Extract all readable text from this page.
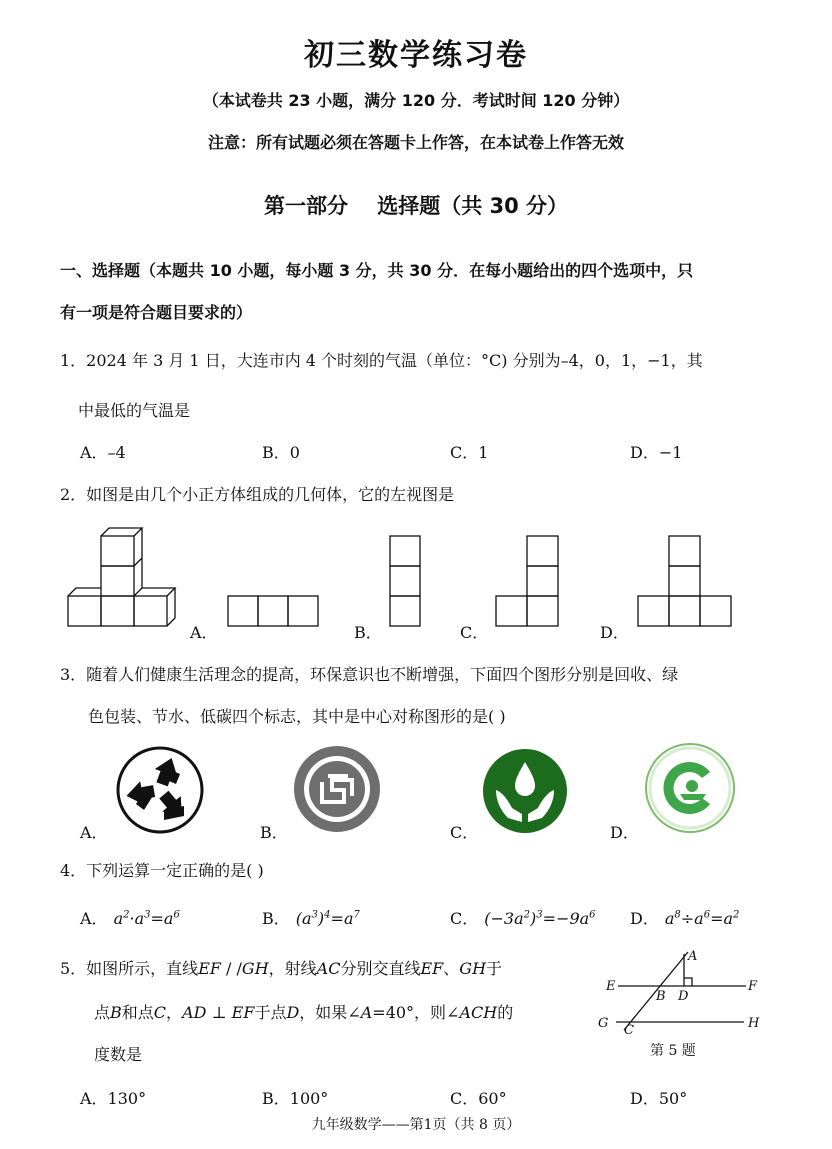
初三数学练习卷
（本试卷共 23 小题，满分 120 分．考试时间 120 分钟）
注意：所有试题必须在答题卡上作答，在本试卷上作答无效
第一部分    选择题（共 30 分）
一、选择题（本题共 10 小题，每小题 3 分，共 30 分．在每小题给出的四个选项中，只
有一项是符合题目要求的）
1．2024 年 3 月 1 日，大连市内 4 个时刻的气温（单位：°C) 分别为–4，0，1，−1，其
中最低的气温是
A．–4	B．0	C．1	D．−1
2．如图是由几个小正方体组成的几何体，它的左视图是
A．	B．	C．	D．
3．随着人们健康生活理念的提高，环保意识也不断增强，下面四个图形分别是回收、绿
色包装、节水、低碳四个标志，其中是中心对称图形的是( )
A．	B．	C．	D．
4．下列运算一定正确的是( )
A． $a^2\cdot a^3=a^6$	B． $(a^3)^4=a^7$	C． $(-3a^2)^3=-9a^6$ D． $a^8\div a^6=a^2$
5．如图所示，直线EF / /GH，射线AC分别交直线EF、GH于
点B和点C，AD ⊥ EF于点D，如果∠A=40°，则∠ACH的
度数是
A
E
B D
F
G C	H
第 5 题
A．130°	B．100°	C．60°	D．50°
九年级数学——第1页（共 8 页）
